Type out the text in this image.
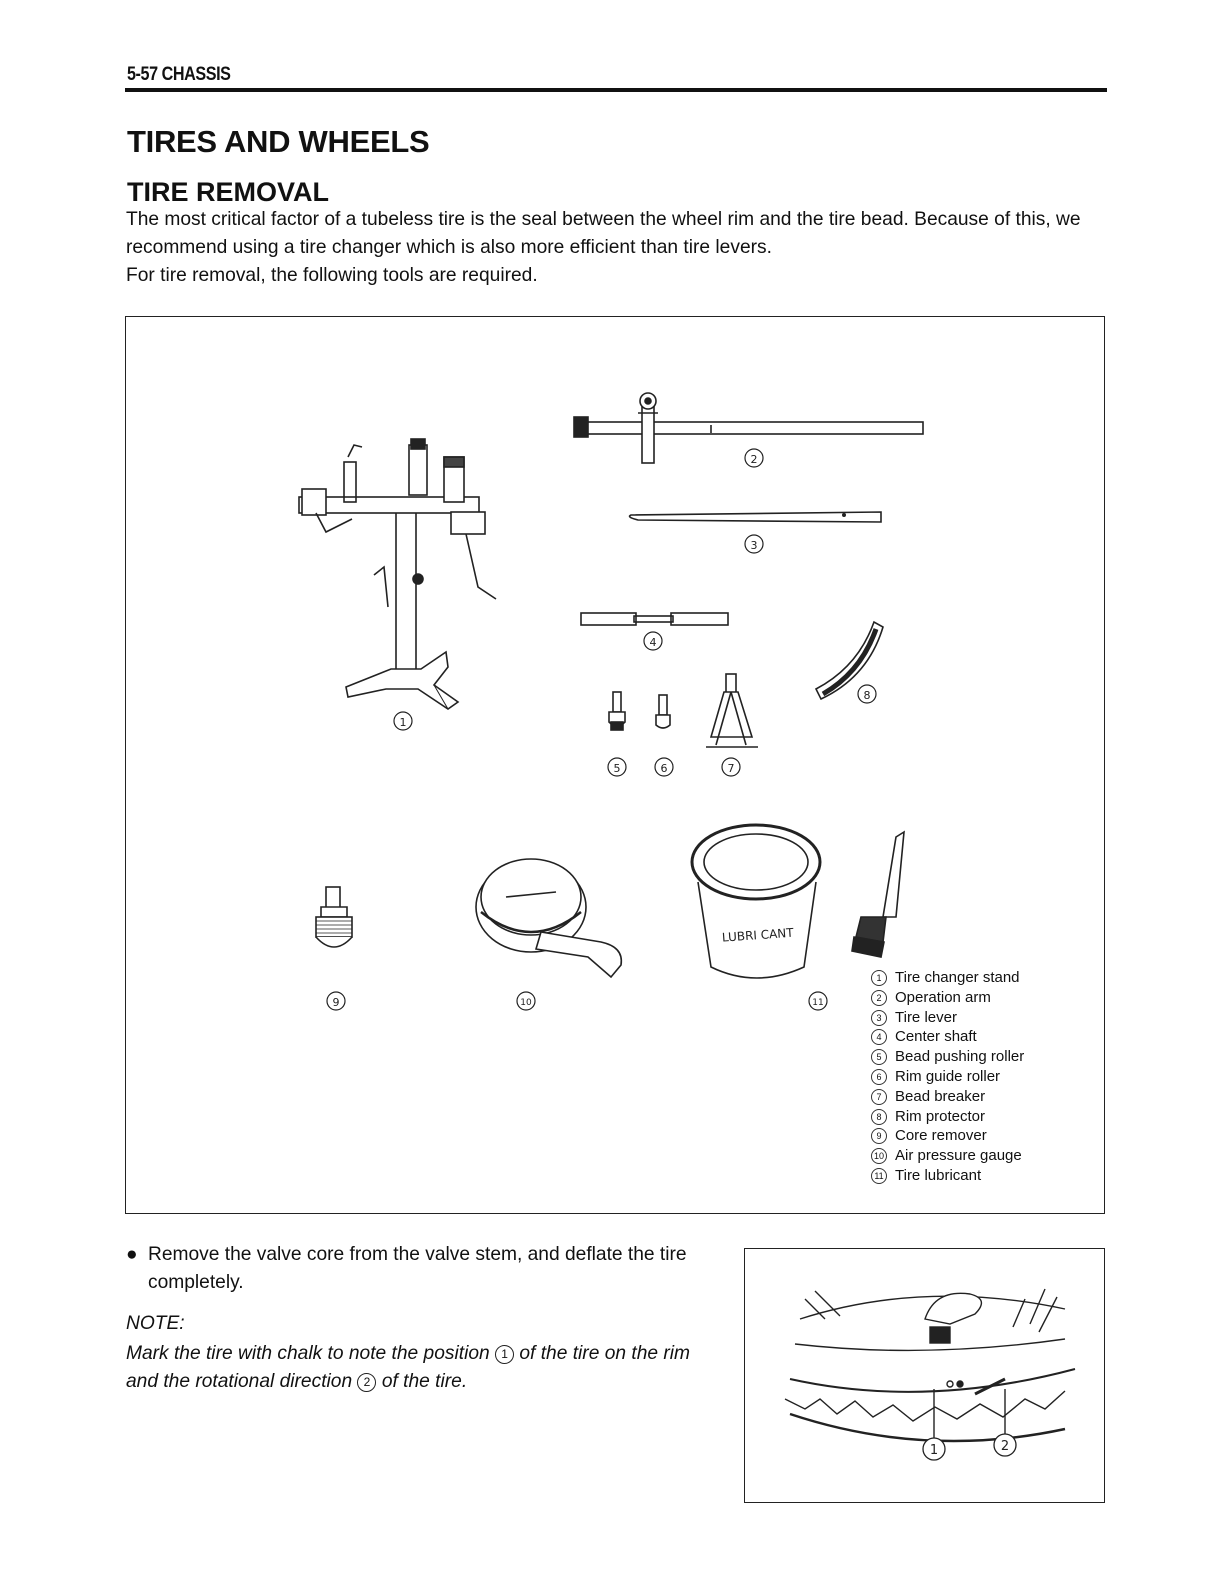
5-57 CHASSIS
TIRES AND WHEELS
TIRE REMOVAL

The most critical factor of a tubeless tire is the seal between the wheel rim and the tire bead. Because of this, we recommend using a tire changer which is also more efficient than tire levers.

For tire removal, the following tools are required.

LUBRI CANT
1
2
3
4
5	6	7
8
9	10	11
1 Tire changer stand
2 Operation arm
3 Tire lever
4 Center shaft
5 Bead pushing roller
6 Rim guide roller
7 Bead breaker
8 Rim protector
9 Core remover
10 Air pressure gauge
11 Tire lubricant
● Remove the valve core from the valve stem, and deflate the tire completely.

NOTE:
Mark the tire with chalk to note the position 1 of the tire on the rim and the rotational direction 2 of the tire.
1	2
